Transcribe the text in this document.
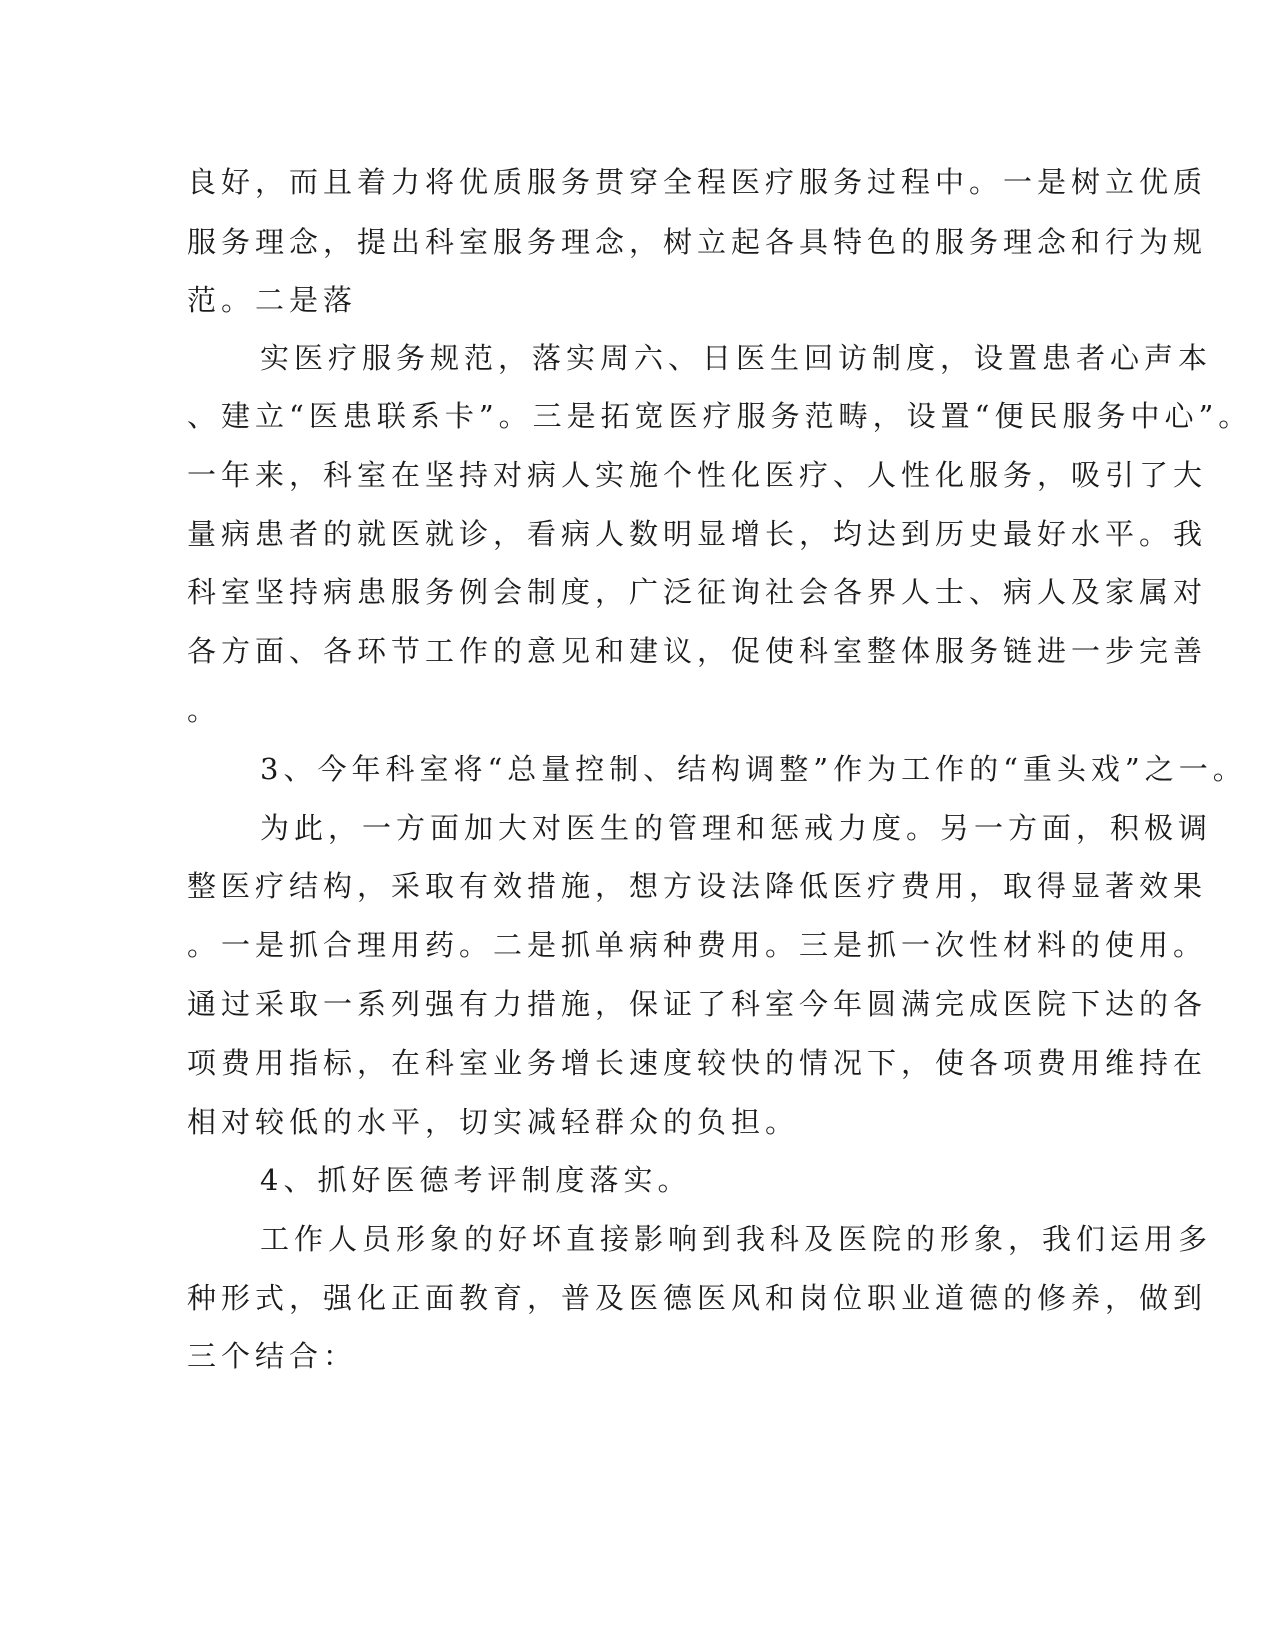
良好，而且着力将优质服务贯穿全程医疗服务过程中。一是树立优质
服务理念，提出科室服务理念，树立起各具特色的服务理念和行为规
范。二是落
实医疗服务规范，落实周六、日医生回访制度，设置患者心声本
、建立“医患联系卡”。三是拓宽医疗服务范畴，设置“便民服务中心”。
一年来，科室在坚持对病人实施个性化医疗、人性化服务，吸引了大
量病患者的就医就诊，看病人数明显增长，均达到历史最好水平。我
科室坚持病患服务例会制度，广泛征询社会各界人士、病人及家属对
各方面、各环节工作的意见和建议，促使科室整体服务链进一步完善
。
3、今年科室将“总量控制、结构调整”作为工作的“重头戏”之一。
为此，一方面加大对医生的管理和惩戒力度。另一方面，积极调
整医疗结构，采取有效措施，想方设法降低医疗费用，取得显著效果
。一是抓合理用药。二是抓单病种费用。三是抓一次性材料的使用。
通过采取一系列强有力措施，保证了科室今年圆满完成医院下达的各
项费用指标，在科室业务增长速度较快的情况下，使各项费用维持在
相对较低的水平，切实减轻群众的负担。
4、抓好医德考评制度落实。
工作人员形象的好坏直接影响到我科及医院的形象，我们运用多
种形式，强化正面教育，普及医德医风和岗位职业道德的修养，做到
三个结合：
